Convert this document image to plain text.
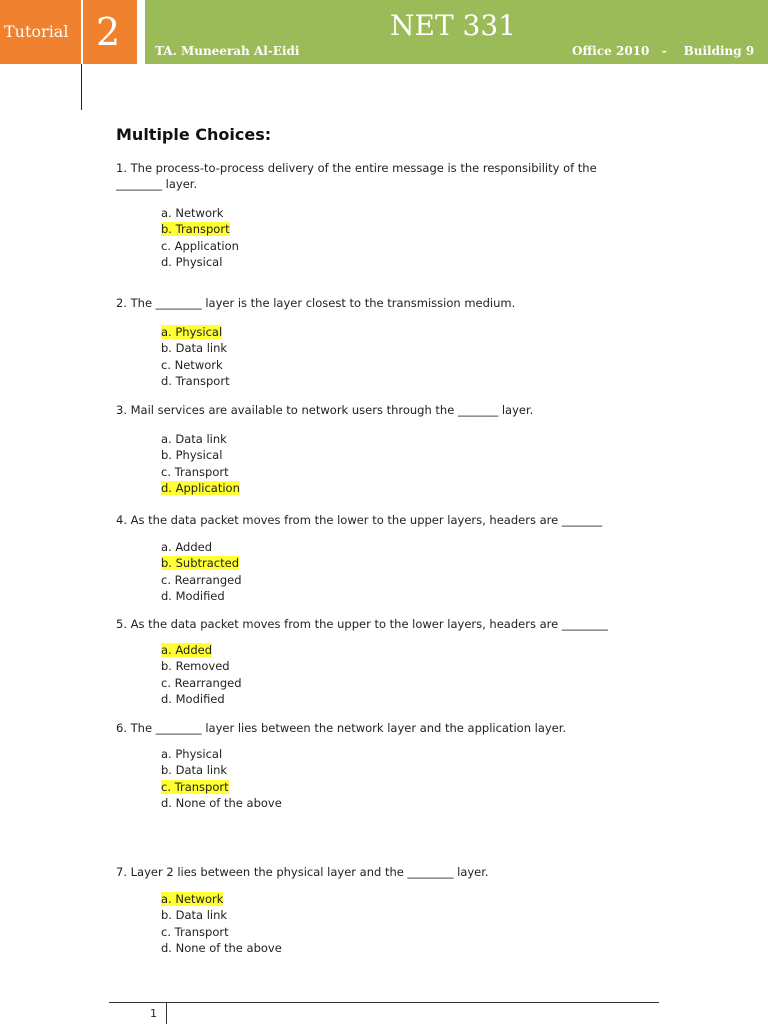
Tutorial 2	NET 331
TA. Muneerah Al-Eidi	Office 2010   -    Building 9
Multiple Choices:
1. The process-to-process delivery of the entire message is the responsibility of the ________ layer.
a. Network
b. Transport
c. Application
d. Physical
2. The ________ layer is the layer closest to the transmission medium.
a. Physical
b. Data link
c. Network
d. Transport
3. Mail services are available to network users through the _______ layer.
a. Data link
b. Physical
c. Transport
d. Application
4. As the data packet moves from the lower to the upper layers, headers are _______
a. Added
b. Subtracted
c. Rearranged
d. Modified
5. As the data packet moves from the upper to the lower layers, headers are ________
a. Added
b. Removed
c. Rearranged
d. Modified
6. The ________ layer lies between the network layer and the application layer.
a. Physical
b. Data link
c. Transport
d. None of the above
7. Layer 2 lies between the physical layer and the ________ layer.
a. Network
b. Data link
c. Transport
d. None of the above
1
